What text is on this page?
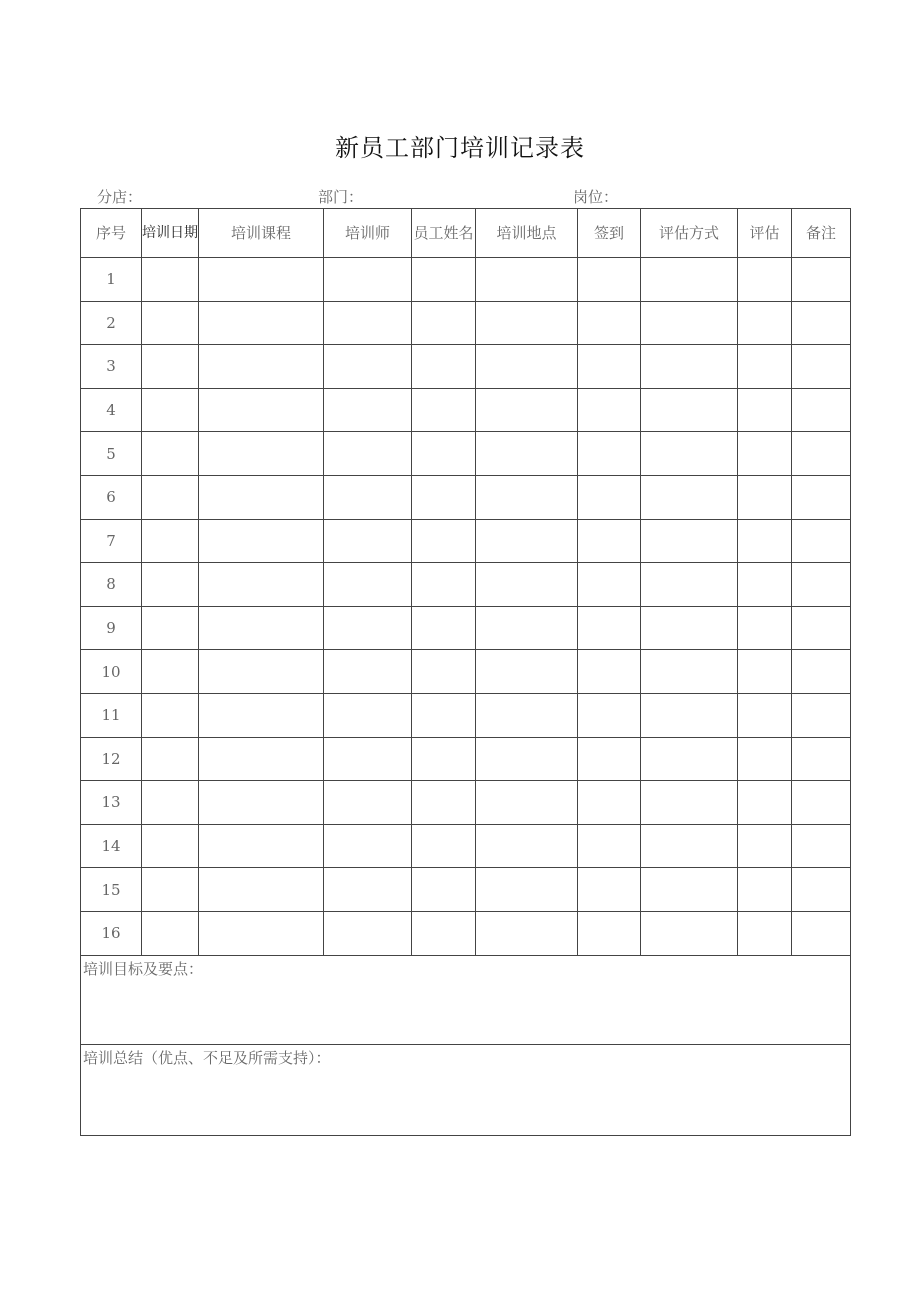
新员工部门培训记录表
分店：	部门：	岗位：
序号	培训日期	培训课程	培训师	员工姓名	培训地点	签到	评估方式	评估	备注
1									
2									
3									
4									
5									
6									
7									
8									
9									
10									
11									
12									
13									
14									
15									
16									
培训目标及要点：									
培训总结（优点、不足及所需支持）：									
